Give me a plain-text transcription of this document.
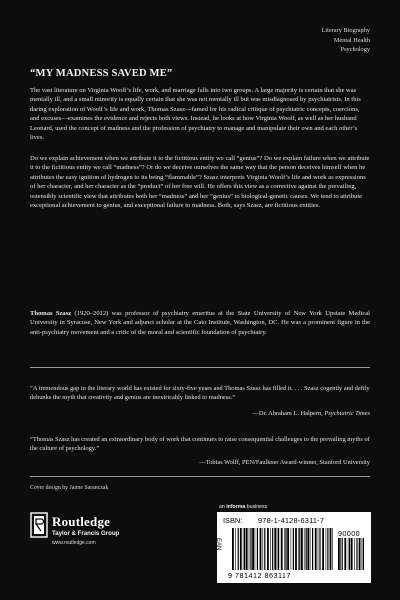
Literary Biography
Mental Health
Psychology
“MY MADNESS SAVED ME”

The vast literature on Virginia Woolf’s life, work, and marriage falls into two groups. A large majority is certain that she was mentally ill, and a small minority is equally certain that she was not mentally ill but was misdiagnosed by psychiatrists. In this daring exploration of Woolf’s life and work, Thomas Szasz—famed for his radical critique of psychiatric concepts, coercions, and excuses—examines the evidence and rejects both views. Instead, he looks at how Virginia Woolf, as well as her husband Leonard, used the concept of madness and the profession of psychiatry to manage and manipulate their own and each other’s lives.

Do we explain achievement when we attribute it to the fictitious entity we call “genius”? Do we explain failure when we attribute it to the fictitious entity we call “madness”? Or do we deceive ourselves the same way that the person deceives himself when he attributes the easy ignition of hydrogen to its being “flammable”? Szasz interprets Virginia Woolf’s life and work as expressions of her character, and her character as the “product” of her free will. He offers this view as a corrective against the prevailing, ostensibly scientific view that attributes both her “madness” and her “genius” to biological-genetic causes. We tend to attribute exceptional achievement to genius, and exceptional failure to madness. Both, says Szasz, are fictitious entities.

Thomas Szasz (1920–2012) was professor of psychiatry emeritus at the State University of New York Upstate Medical University in Syracuse, New York and adjunct scholar at the Cato Institute, Washington, DC. He was a prominent figure in the anti-psychiatry movement and a critic of the moral and scientific foundation of psychiatry.

“A tremendous gap in the literary world has existed for sixty-five years and Thomas Szasz has filled it. . . . Szasz cogently and deftly debunks the myth that creativity and genius are inextricably linked to madness.”

—Dr. Abraham L. Halpern, Psychiatric Times

“Thomas Szasz has created an extraordinary body of work that continues to raise consequential challenges to the prevailing myths of the culture of psychology.”

—Tobias Wolff, PEN/Faulkner Award-winner, Stanford University
Cover design by Jaime Saranczak
an informa business
Routledge
Taylor & Francis Group
www.routledge.com
ISBN: 978-1-4128-6311-7
EAN
90000
9 781412 863117
